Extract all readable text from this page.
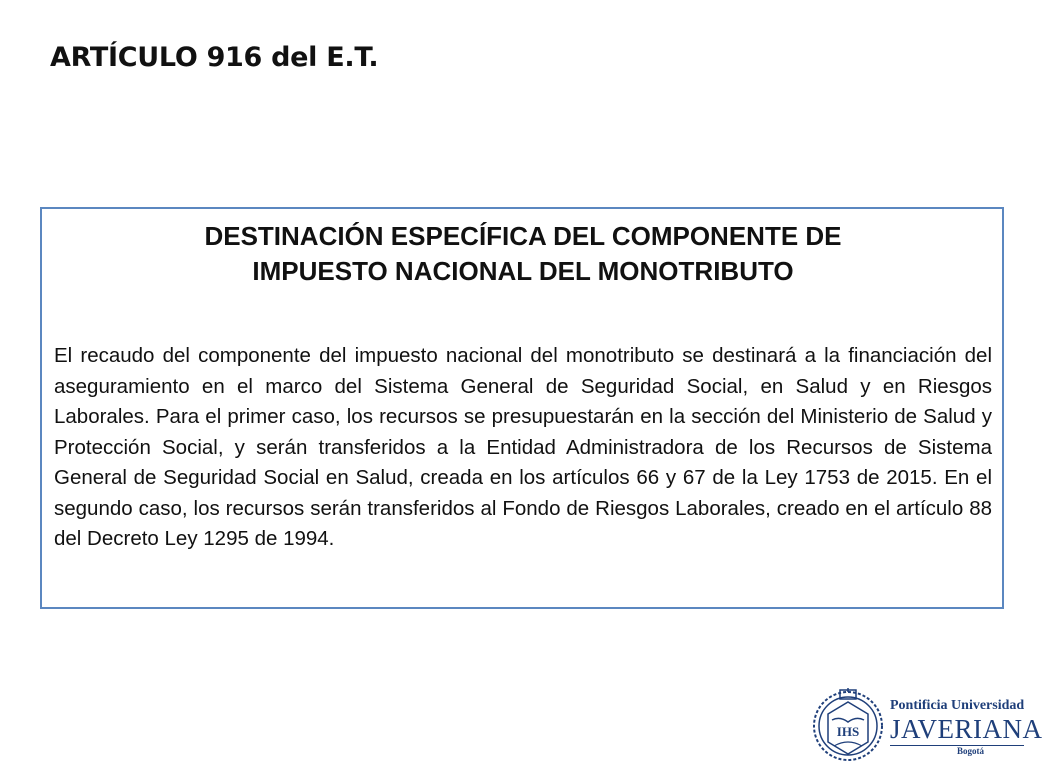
ARTÍCULO 916 del E.T.
DESTINACIÓN ESPECÍFICA DEL COMPONENTE DE
IMPUESTO NACIONAL DEL MONOTRIBUTO

El recaudo del componente del impuesto nacional del monotributo se destinará a la financiación del aseguramiento en el marco del Sistema General de Seguridad Social, en Salud y en Riesgos Laborales. Para el primer caso, los recursos se presupuestarán en la sección del Ministerio de Salud y Protección Social, y serán transferidos a la Entidad Administradora de los Recursos de Sistema General de Seguridad Social en Salud, creada en los artículos 66 y 67 de la Ley 1753 de 2015. En el segundo caso, los recursos serán transferidos al Fondo de Riesgos Laborales, creado en el artículo 88 del Decreto Ley 1295 de 1994.

IHS
Pontificia Universidad
JAVERIANA
Bogotá
